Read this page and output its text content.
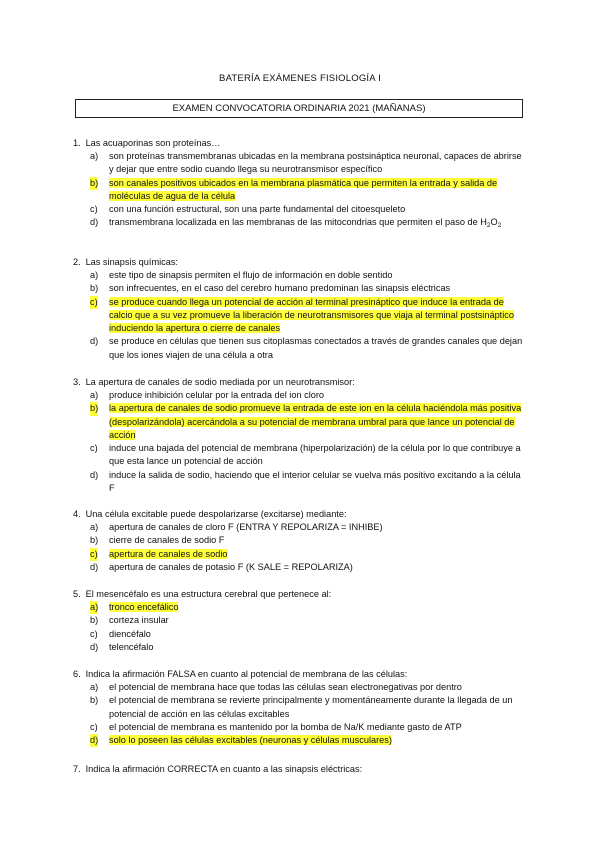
BATERÍA EXÁMENES FISIOLOGÍA I
EXAMEN CONVOCATORIA ORDINARIA 2021 (MAÑANAS)
1. Las acuaporinas son proteínas…
a) son proteínas transmembranas ubicadas en la membrana postsináptica neuronal, capaces de abrirse y dejar que entre sodio cuando llega su neurotransmisor específico
b) son canales positivos ubicados en la membrana plasmática que permiten la entrada y salida de moléculas de agua de la célula
c) con una función estructural, son una parte fundamental del citoesqueleto
d) transmembrana localizada en las membranas de las mitocondrias que permiten el paso de $H_2O_2$
2. Las sinapsis químicas:
a) este tipo de sinapsis permiten el flujo de información en doble sentido
b) son infrecuentes, en el caso del cerebro humano predominan las sinapsis eléctricas
c) se produce cuando llega un potencial de acción al terminal presináptico que induce la entrada de calcio que a su vez promueve la liberación de neurotransmisores que viaja al terminal postsináptico induciendo la apertura o cierre de canales
d) se produce en células que tienen sus citoplasmas conectados a través de grandes canales que dejan que los iones viajen de una célula a otra
3. La apertura de canales de sodio mediada por un neurotransmisor:
a) produce inhibición celular por la entrada del ion cloro
b) la apertura de canales de sodio promueve la entrada de este ion en la célula haciéndola más positiva (despolarizándola) acercándola a su potencial de membrana umbral para que lance un potencial de acción
c) induce una bajada del potencial de membrana (hiperpolarización) de la célula por lo que contribuye a que esta lance un potencial de acción
d) induce la salida de sodio, haciendo que el interior celular se vuelva más positivo excitando a la célula F
4. Una célula excitable puede despolarizarse (excitarse) mediante:
a) apertura de canales de cloro F (ENTRA Y REPOLARIZA = INHIBE)
b) cierre de canales de sodio F
c) apertura de canales de sodio
d) apertura de canales de potasio F (K SALE = REPOLARIZA)
5. El mesencéfalo es una estructura cerebral que pertenece al:
a) tronco encefálico
b) corteza insular
c) diencéfalo
d) telencéfalo
6. Indica la afirmación FALSA en cuanto al potencial de membrana de las células:
a) el potencial de membrana hace que todas las células sean electronegativas por dentro
b) el potencial de membrana se revierte principalmente y momentáneamente durante la llegada de un potencial de acción en las células excitables
c) el potencial de membrana es mantenido por la bomba de Na/K mediante gasto de ATP
d) solo lo poseen las células excitables (neuronas y células musculares)
7. Indica la afirmación CORRECTA en cuanto a las sinapsis eléctricas:
